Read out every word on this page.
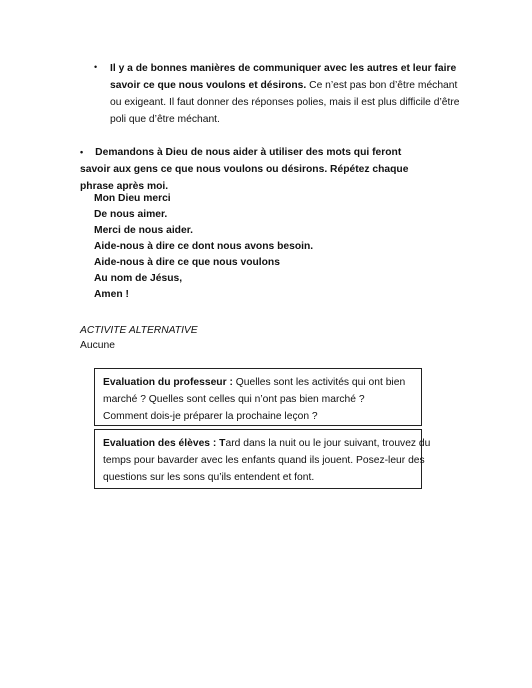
• Il y a de bonnes manières de communiquer avec les autres et leur faire
savoir ce que nous voulons et désirons. Ce n’est pas bon d’être méchant
ou exigeant. Il faut donner des réponses polies, mais il est plus difficile d’être
poli que d’être méchant.
• Demandons à Dieu de nous aider à utiliser des mots qui feront
savoir aux gens ce que nous voulons ou désirons. Répétez chaque
phrase après moi.
Mon Dieu merci
De nous aimer.
Merci de nous aider.
Aide-nous à dire ce dont nous avons besoin.
Aide-nous à dire ce que nous voulons
Au nom de Jésus,
Amen !
ACTIVITE ALTERNATIVE
Aucune
Evaluation du professeur : Quelles sont les activités qui ont bien
marché ? Quelles sont celles qui n’ont pas bien marché ?
Comment dois-je préparer la prochaine leçon ?
Evaluation des élèves : Tard dans la nuit ou le jour suivant, trouvez du
temps pour bavarder avec les enfants quand ils jouent. Posez-leur des
questions sur les sons qu’ils entendent et font.
